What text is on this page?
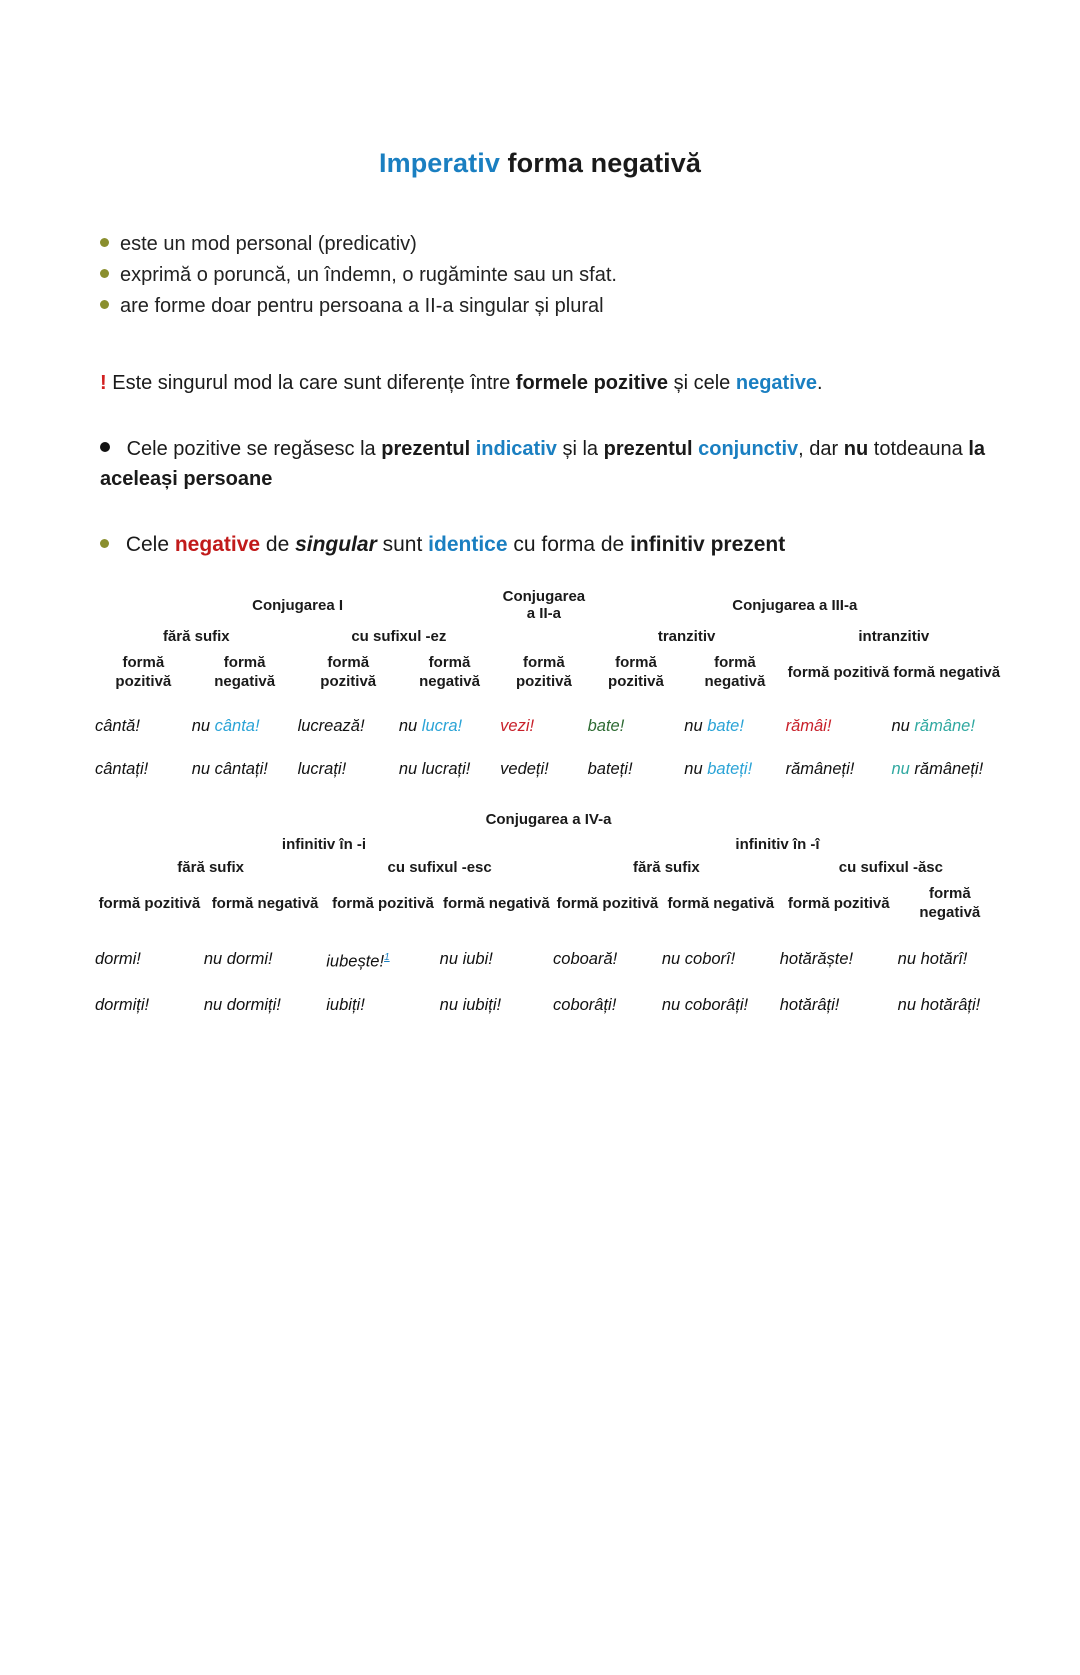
Imperativ forma negativă
este un mod personal (predicativ)
exprimă o poruncă, un îndemn, o rugăminte sau un sfat.
are forme doar pentru persoana a II-a singular și plural
! Este singurul mod la care sunt diferențe între formele pozitive și cele negative.
Cele pozitive se regăsesc la prezentul indicativ și la prezentul conjunctiv, dar nu totdeauna la aceleași persoane
Cele negative de singular sunt identice cu forma de infinitiv prezent
Conjugarea I				Conjugarea a II-a	Conjugarea a III-a			
fără sufix		cu sufixul -ez			tranzitiv		intranzitiv	
formă pozitivă	formă negativă	formă pozitivă	formă negativă	formă pozitivă	formă pozitivă	formă negativă	formă pozitivă	formă negativă
cântă!	nu cânta!	lucrează!	nu lucra!	vezi!	bate!	nu bate!	rămâi!	nu rămâne!
cântați!	nu cântați!	lucrați!	nu lucrați!	vedeți!	bateți!	nu bateți!	rămâneți!	nu rămâneți!
Conjugarea a IV-a							
infinitiv în -i				infinitiv în -î			
fără sufix		cu sufixul -esc		fără sufix		cu sufixul -ăsc	
formă pozitivă	formă negativă	formă pozitivă	formă negativă	formă pozitivă	formă negativă	formă pozitivă	formă negativă
dormi!	nu dormi!	iubește!$^1$	nu iubi!	coboară!	nu coborî!	hotărăște!	nu hotărî!
dormiți!	nu dormiți!	iubiți!	nu iubiți!	coborâți!	nu coborâți!	hotărâți!	nu hotărâți!
